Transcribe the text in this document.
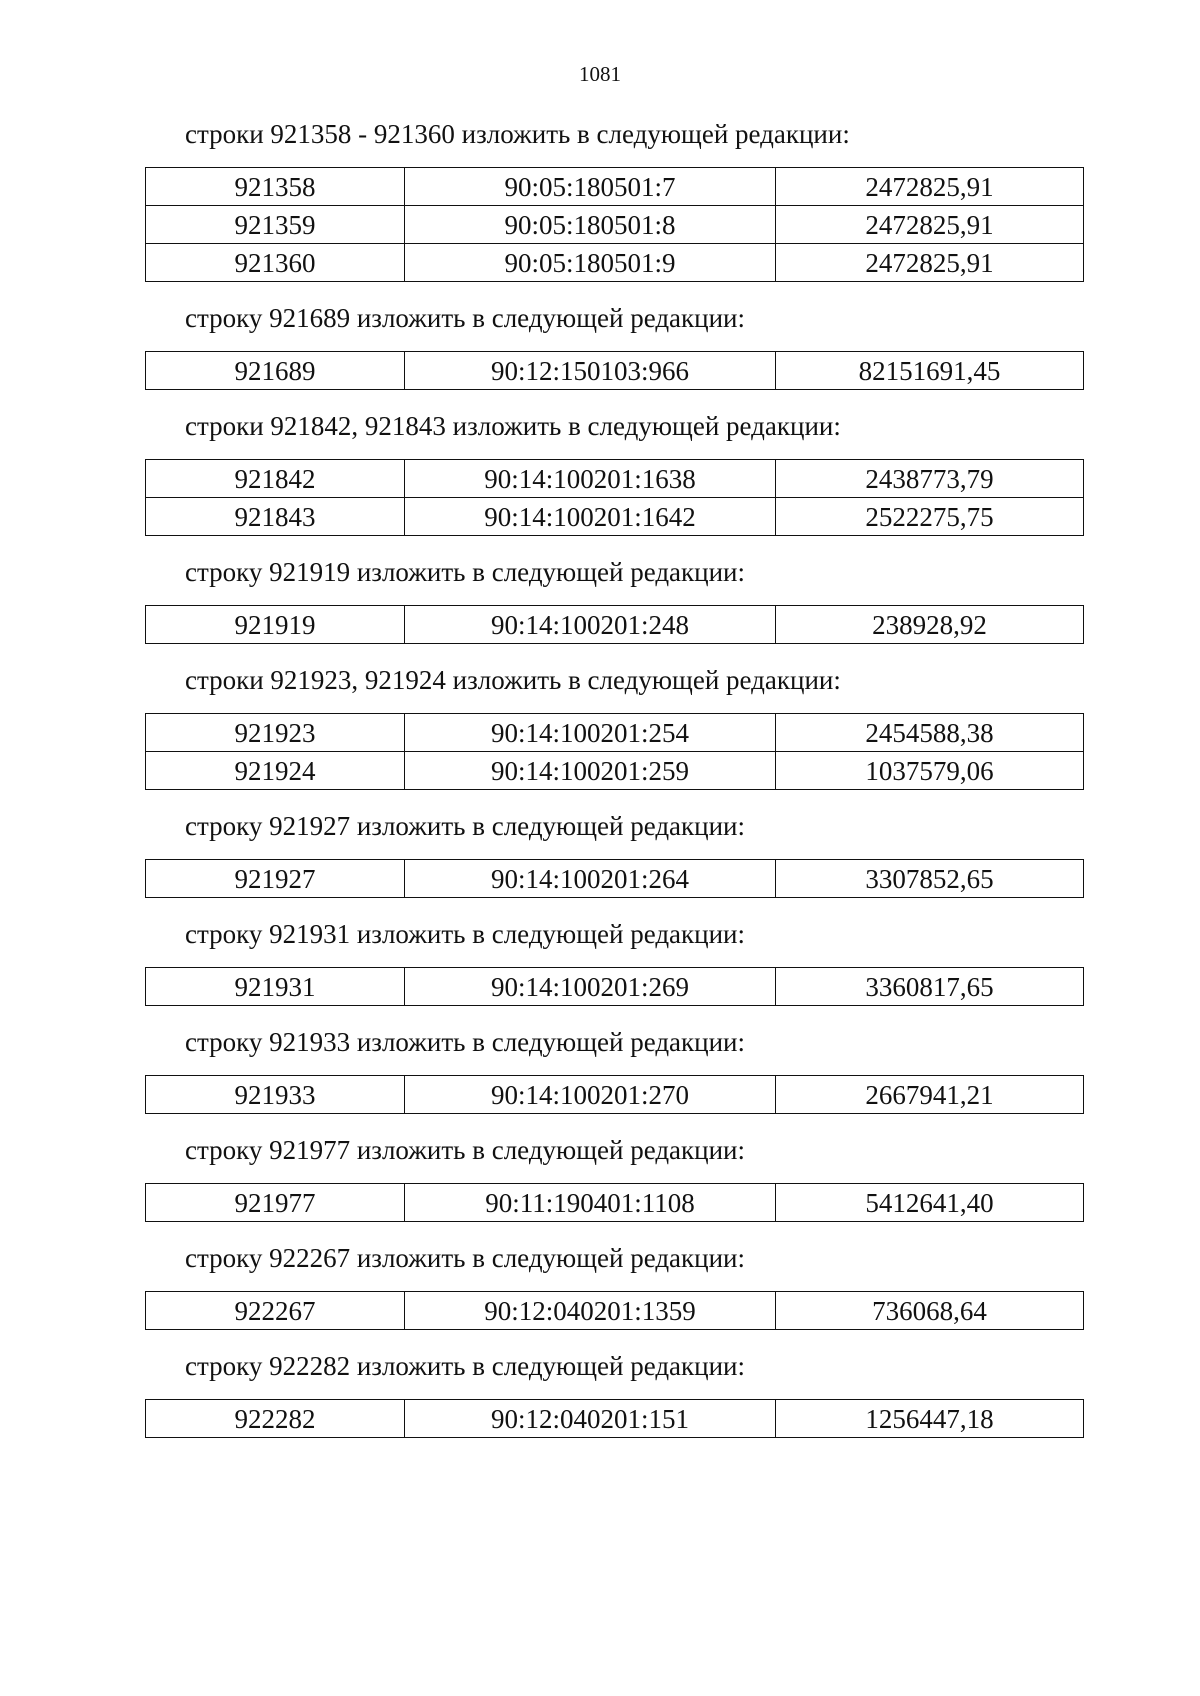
1081

строки 921358 - 921360 изложить в следующей редакции:

921358	90:05:180501:7	2472825,91
921359	90:05:180501:8	2472825,91
921360	90:05:180501:9	2472825,91

строку 921689 изложить в следующей редакции:

921689	90:12:150103:966	82151691,45

строки 921842, 921843 изложить в следующей редакции:

921842	90:14:100201:1638	2438773,79
921843	90:14:100201:1642	2522275,75

строку 921919 изложить в следующей редакции:

921919	90:14:100201:248	238928,92

строки 921923, 921924 изложить в следующей редакции:

921923	90:14:100201:254	2454588,38
921924	90:14:100201:259	1037579,06

строку 921927 изложить в следующей редакции:

921927	90:14:100201:264	3307852,65

строку 921931 изложить в следующей редакции:

921931	90:14:100201:269	3360817,65

строку 921933 изложить в следующей редакции:

921933	90:14:100201:270	2667941,21

строку 921977 изложить в следующей редакции:

921977	90:11:190401:1108	5412641,40

строку 922267 изложить в следующей редакции:

922267	90:12:040201:1359	736068,64

строку 922282 изложить в следующей редакции:

922282	90:12:040201:151	1256447,18
